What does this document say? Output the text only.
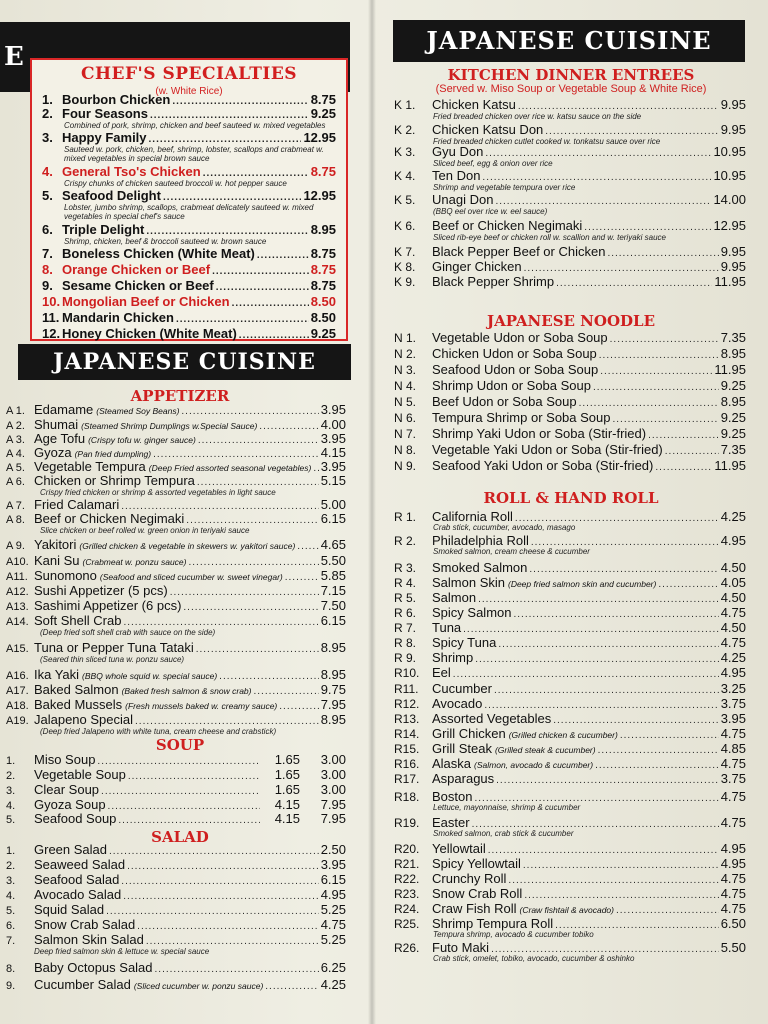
E
CHEF'S SPECIALTIES
(w. White Rice)
1. Bourbon Chicken .....	8.75
2. Four Seasons .....	9.25
Combined of pork, shrimp, chicken and beef sauteed w. mixed vegetables
3. Happy Family .....	12.95
Sauteed w. pork, chicken, beef, shrimp, lobster, scallops and crabmeat w.
mixed vegetables in special brown sauce
4. General Tso's Chicken .....	8.75
Crispy chunks of chicken sauteed broccoli w. hot pepper sauce
5. Seafood Delight .....	12.95
Lobster, jumbo shrimp, scallops, crabmeat delicately sauteed w. mixed
vegetables in special chef's sauce
6. Triple Delight .....	8.95
Shrimp, chicken, beef & broccoli sauteed w. brown sauce
7. Boneless Chicken (White Meat) .....	8.75
8. Orange Chicken or Beef .....	8.75
9. Sesame Chicken or Beef .....	8.75
10. Mongolian Beef or Chicken .....	8.50
11. Mandarin Chicken .....	8.50
12. Honey Chicken (White Meat) .....	9.25
JAPANESE CUISINE
APPETIZER
SOUP
SALAD
A 1. Edamame (Steamed Soy Beans) .....	3.95
A 2. Shumai (Steamed Shrimp Dumplings w.Special Sauce) .....	4.00
A 3. Age Tofu (Crispy tofu w. ginger sauce) .....	3.95
A 4. Gyoza (Pan fried dumpling) .....	4.15
A 5. Vegetable Tempura (Deep Fried assorted seasonal vegetables) ..... 3.95
A 6. Chicken or Shrimp Tempura .....	5.15
Crispy fried chicken or shrimp & assorted vegetables in light sauce
A 7. Fried Calamari .....	5.00
A 8. Beef or Chicken Negimaki .....	6.15
Slice chicken or beef rolled w. green onion in teriyaki sauce
A 9. Yakitori (Grilled chicken & vegetable in skewers w. yakitori sauce) ..... 4.65
A10. Kani Su (Crabmeat w. ponzu sauce) .....	5.50
A11. Sunomono (Seafood and sliced cucumber w. sweet vinegar) .....	5.85
A12. Sushi Appetizer (5 pcs) .....	7.15
A13. Sashimi Appetizer (6 pcs) .....	7.50
A14. Soft Shell Crab .....	6.15
(Deep fried soft shell crab with sauce on the side)
A15. Tuna or Pepper Tuna Tataki .....	8.95
(Seared thin sliced tuna w. ponzu sauce)
A16. Ika Yaki (BBQ whole squid w. special sauce) .....	8.95
A17. Baked Salmon (Baked fresh salmon & snow crab) .....	9.75
A18. Baked Mussels (Fresh mussels baked w. creamy sauce) .....	7.95
A19. Jalapeno Special .....	8.95
(Deep fried Jalapeno with white tuna, cream cheese and crabstick)
1.	Miso Soup .....	1.65	3.00
2.	Vegetable Soup .....	1.65	3.00
3.	Clear Soup .....	1.65	3.00
4.	Gyoza Soup .....	4.15	7.95
5.	Seafood Soup .....	4.15	7.95
1.	Green Salad .....	2.50
2.	Seaweed Salad .....	3.95
3.	Seafood Salad .....	6.15
4.	Avocado Salad .....	4.95
5.	Squid Salad .....	5.25
6.	Snow Crab Salad .....	4.75
7.	Salmon Skin Salad .....	5.25
Deep fried salmon skin & lettuce w. special sauce
8.	Baby Octopus Salad .....	6.25
9.	Cucumber Salad (Sliced cucumber w. ponzu sauce) .....	4.25
JAPANESE CUISINE
KITCHEN DINNER ENTREES
(Served w. Miso Soup or Vegetable Soup & White Rice)
JAPANESE NOODLE
ROLL & HAND ROLL
K 1.	Chicken Katsu .....	9.95
Fried breaded chicken over rice w. katsu sauce on the side
K 2.	Chicken Katsu Don .....	9.95
Fried breaded chicken cutlet cooked w. tonkatsu sauce over rice
K 3.	Gyu Don .....	10.95
Sliced beef, egg & onion over rice
K 4.	Ten Don .....	10.95
Shrimp and vegetable tempura over rice
K 5.	Unagi Don .....	14.00
(BBQ eel over rice w. eel sauce)
K 6.	Beef or Chicken Negimaki .....	12.95
Sliced rib-eye beef or chicken roll w. scallion and w. teriyaki sauce
K 7.	Black Pepper Beef or Chicken .....	9.95
K 8.	Ginger Chicken .....	9.95
K 9.	Black Pepper Shrimp .....	11.95
N 1.	Vegetable Udon or Soba Soup .....	7.35
N 2.	Chicken Udon or Soba Soup .....	8.95
N 3.	Seafood Udon or Soba Soup .....	11.95
N 4.	Shrimp Udon or Soba Soup .....	9.25
N 5.	Beef Udon or Soba Soup .....	8.95
N 6.	Tempura Shrimp or Soba Soup .....	9.25
N 7.	Shrimp Yaki Udon or Soba (Stir-fried) .....	9.25
N 8.	Vegetable Yaki Udon or Soba (Stir-fried) .....	7.35
N 9.	Seafood Yaki Udon or Soba (Stir-fried) .....	11.95
R 1.	California Roll .....	4.25
Crab stick, cucumber, avocado, masago
R 2.	Philadelphia Roll .....	4.95
Smoked salmon, cream cheese & cucumber
R 3.	Smoked Salmon .....	4.50
R 4.	Salmon Skin (Deep fried salmon skin and cucumber) .....	4.05
R 5.	Salmon .....	4.50
R 6.	Spicy Salmon .....	4.75
R 7.	Tuna .....	4.50
R 8.	Spicy Tuna .....	4.75
R 9.	Shrimp .....	4.25
R10. Eel .....	4.95
R11.	Cucumber .....	3.25
R12. Avocado .....	3.75
R13. Assorted Vegetables .....	3.95
R14. Grill Chicken (Grilled chicken & cucumber) .....	4.75
R15. Grill Steak (Grilled steak & cucumber) .....	4.85
R16. Alaska (Salmon, avocado & cucumber) .....	4.75
R17. Asparagus .....	3.75
R18. Boston .....	4.75
Lettuce, mayonnaise, shrimp & cucumber
R19. Easter .....	4.75
Smoked salmon, crab stick & cucumber
R20. Yellowtail .....	4.95
R21. Spicy Yellowtail .....	4.95
R22. Crunchy Roll .....	4.75
R23. Snow Crab Roll .....	4.75
R24. Craw Fish Roll (Craw fishtail & avocado) .....	4.75
R25. Shrimp Tempura Roll .....	6.50
Tempura shrimp, avocado & cucumber tobiko
R26. Futo Maki .....	5.50
Crab stick, omelet, tobiko, avocado, cucumber & oshinko
